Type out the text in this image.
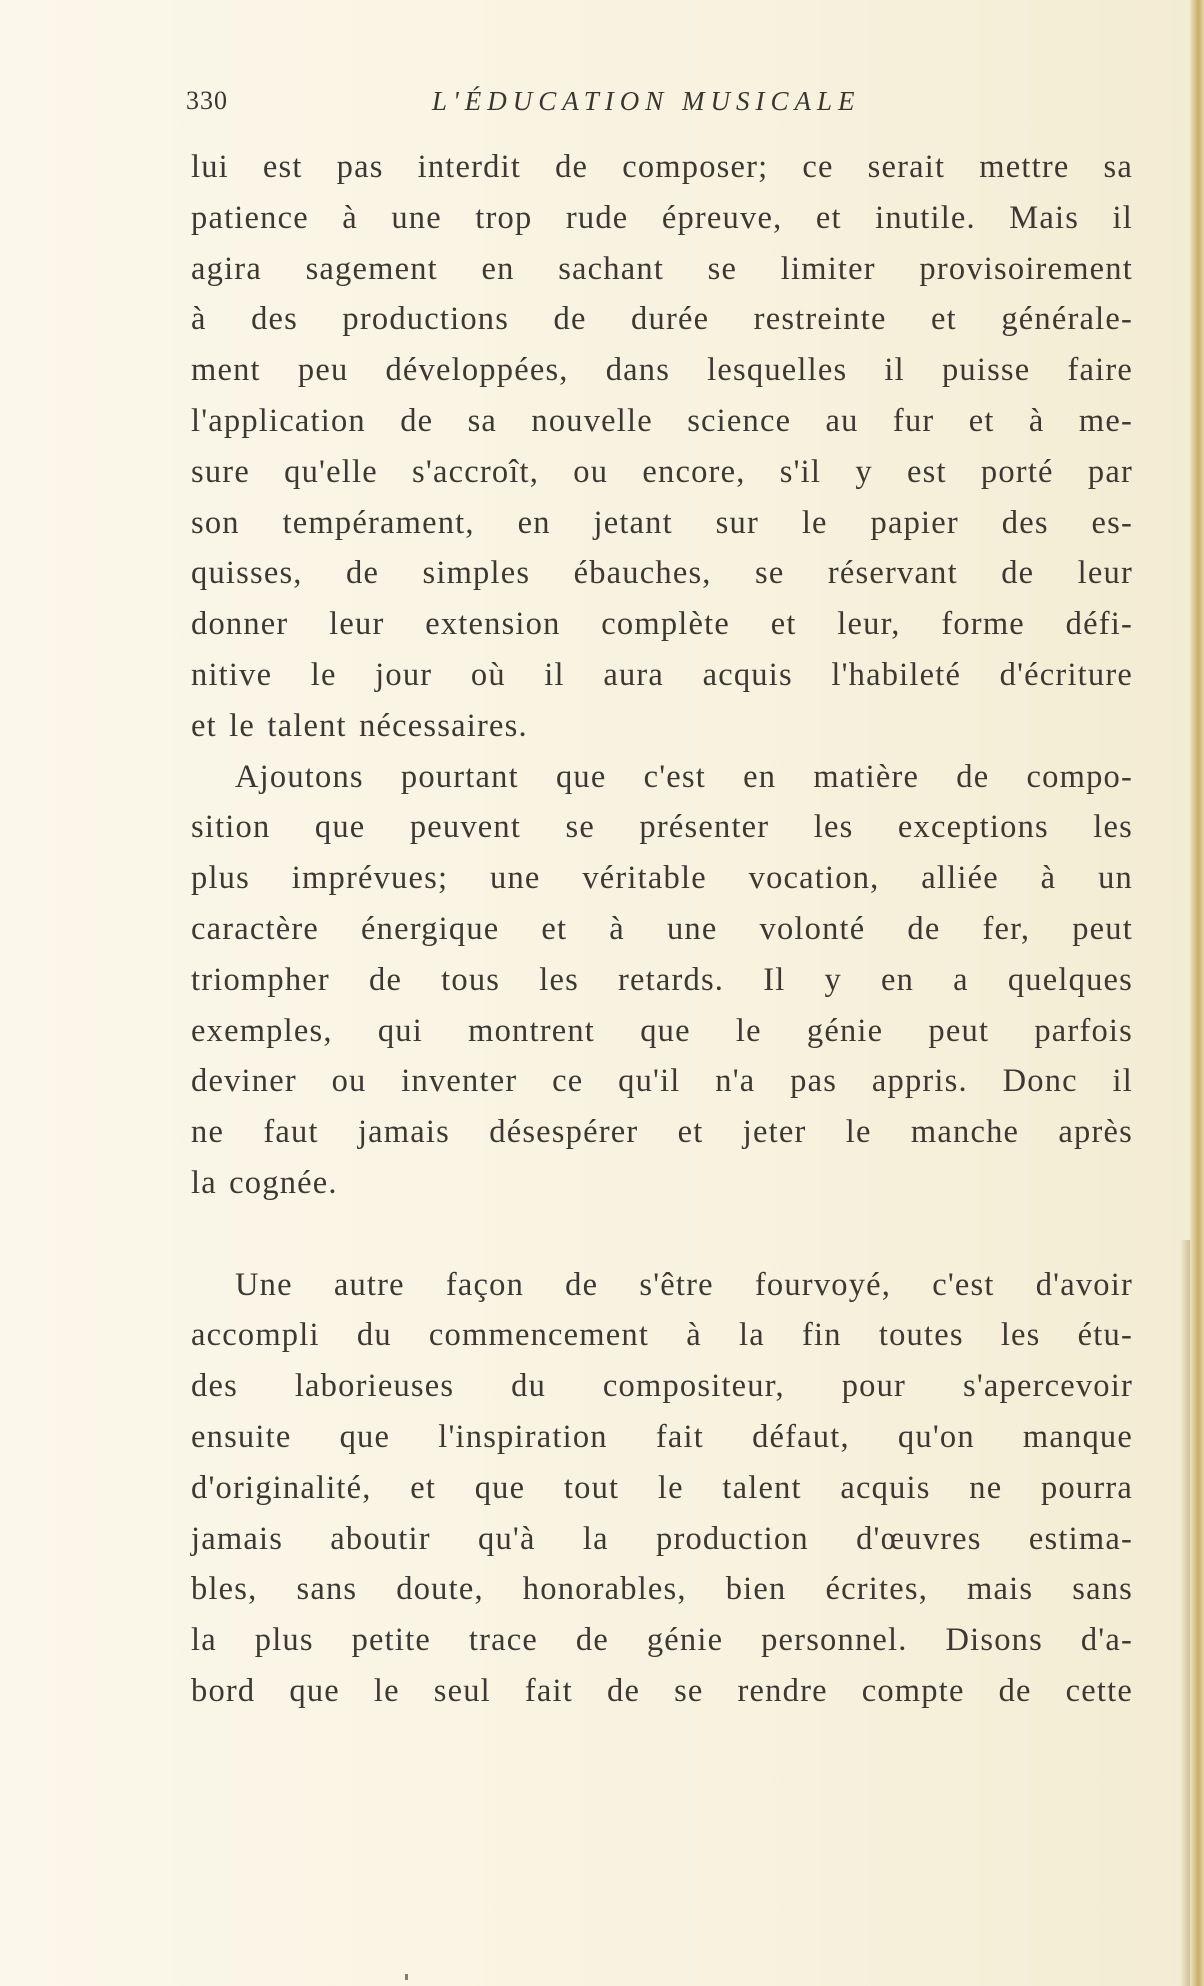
330	L'ÉDUCATION MUSICALE
lui est pas interdit de composer; ce serait mettre sa
patience à une trop rude épreuve, et inutile. Mais il
agira sagement en sachant se limiter provisoirement
à des productions de durée restreinte et générale-
ment peu développées, dans lesquelles il puisse faire
l'application de sa nouvelle science au fur et à me-
sure qu'elle s'accroît, ou encore, s'il y est porté par
son tempérament, en jetant sur le papier des es-
quisses, de simples ébauches, se réservant de leur
donner leur extension complète et leur, forme défi-
nitive le jour où il aura acquis l'habileté d'écriture
et le talent nécessaires.
Ajoutons pourtant que c'est en matière de compo-
sition que peuvent se présenter les exceptions les
plus imprévues; une véritable vocation, alliée à un
caractère énergique et à une volonté de fer, peut
triompher de tous les retards. Il y en a quelques
exemples, qui montrent que le génie peut parfois
deviner ou inventer ce qu'il n'a pas appris. Donc il
ne faut jamais désespérer et jeter le manche après
la cognée.
Une autre façon de s'être fourvoyé, c'est d'avoir
accompli du commencement à la fin toutes les étu-
des laborieuses du compositeur, pour s'apercevoir
ensuite que l'inspiration fait défaut, qu'on manque
d'originalité, et que tout le talent acquis ne pourra
jamais aboutir qu'à la production d'œuvres estima-
bles, sans doute, honorables, bien écrites, mais sans
la plus petite trace de génie personnel. Disons d'a-
bord que le seul fait de se rendre compte de cette
